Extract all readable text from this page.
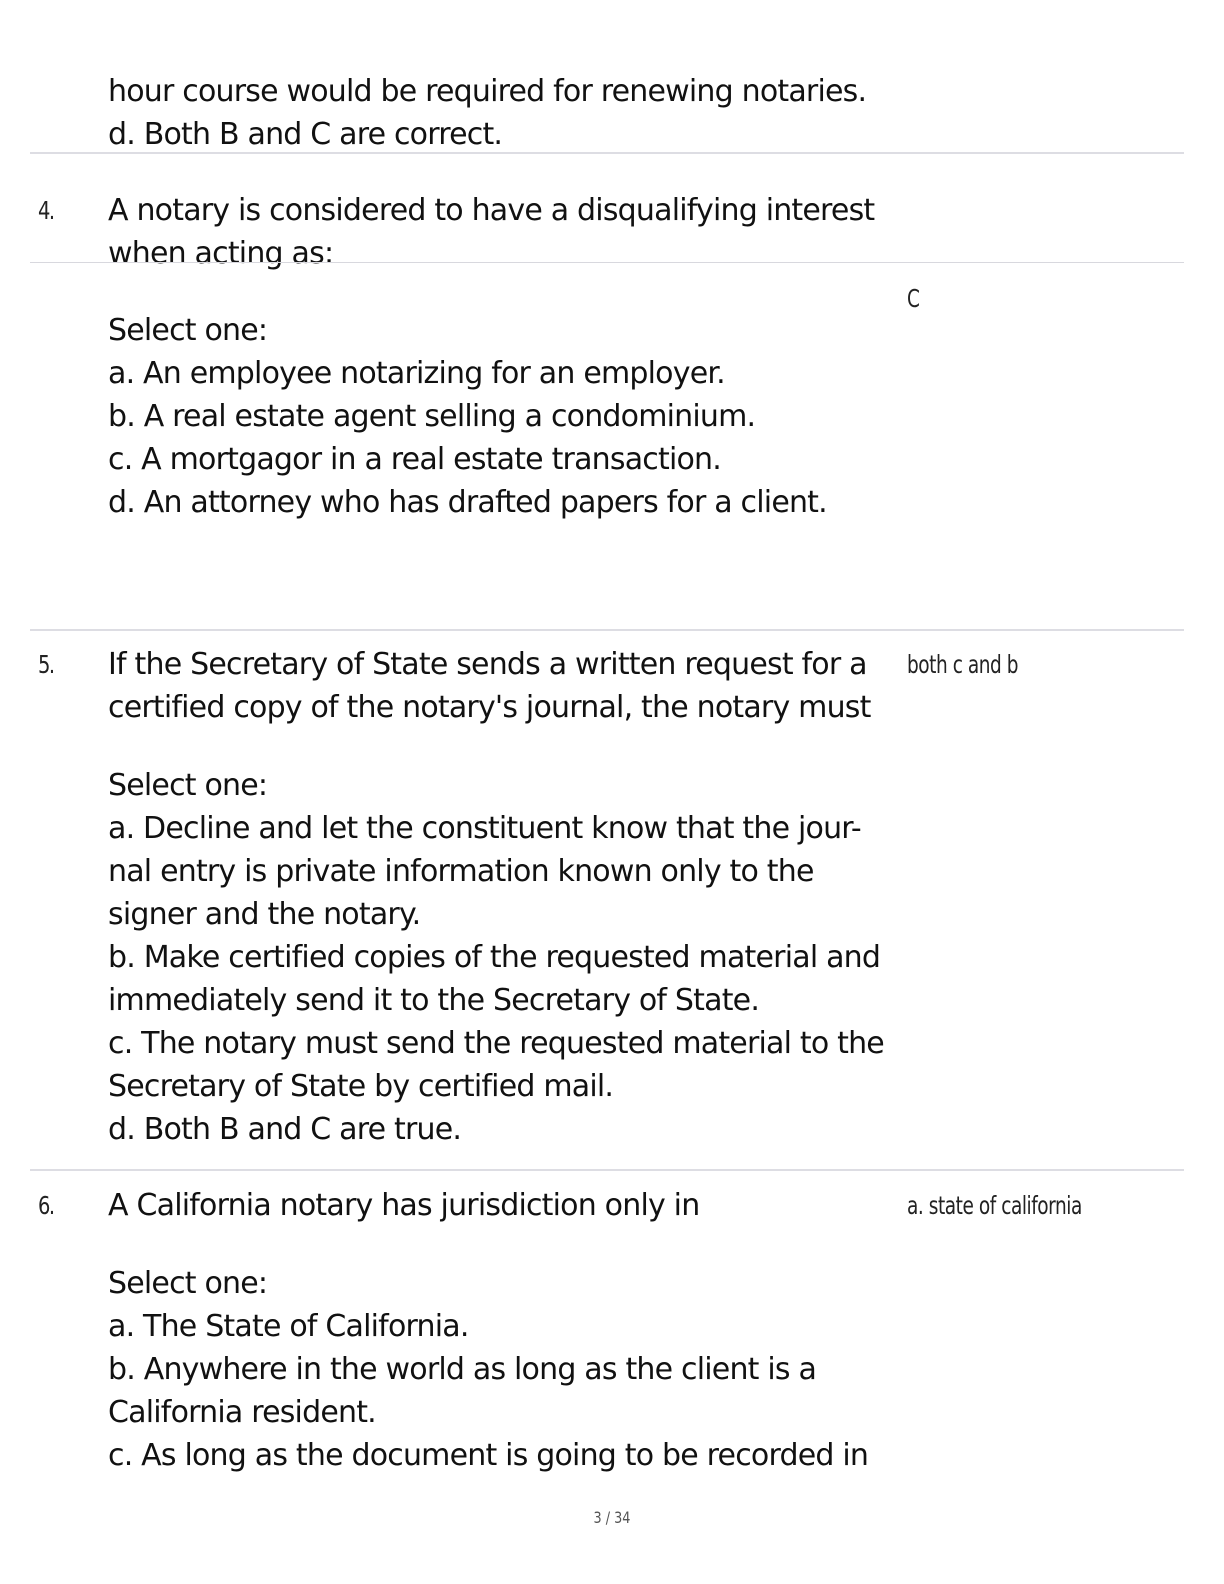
hour course would be required for renewing notaries.
d. Both B and C are correct.
4. A notary is considered to have a disqualifying interest
when acting as:
C
Select one:
a. An employee notarizing for an employer.
b. A real estate agent selling a condominium.
c. A mortgagor in a real estate transaction.
d. An attorney who has drafted papers for a client.
5. If the Secretary of State sends a written request for a both c and b
certified copy of the notary's journal, the notary must
Select one:
a. Decline and let the constituent know that the jour-
nal entry is private information known only to the
signer and the notary.
b. Make certified copies of the requested material and
immediately send it to the Secretary of State.
c. The notary must send the requested material to the
Secretary of State by certified mail.
d. Both B and C are true.
6. A California notary has jurisdiction only in	a. state of california
Select one:
a. The State of California.
b. Anywhere in the world as long as the client is a
California resident.
c. As long as the document is going to be recorded in
3 / 34
